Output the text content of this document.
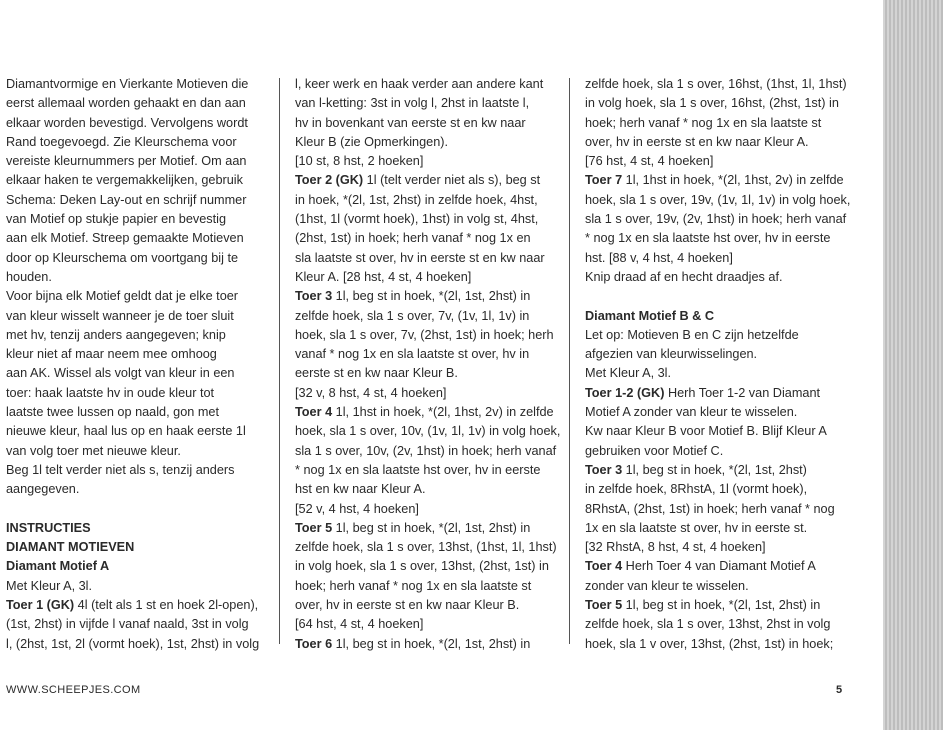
Diamantvormige en Vierkante Motieven die
eerst allemaal worden gehaakt en dan aan
elkaar worden bevestigd. Vervolgens wordt
Rand toegevoegd. Zie Kleurschema voor
vereiste kleurnummers per Motief. Om aan
elkaar haken te vergemakkelijken, gebruik
Schema: Deken Lay-out en schrijf nummer
van Motief op stukje papier en bevestig
aan elk Motief. Streep gemaakte Motieven
door op Kleurschema om voortgang bij te
houden.
Voor bijna elk Motief geldt dat je elke toer
van kleur wisselt wanneer je de toer sluit
met hv, tenzij anders aangegeven; knip
kleur niet af maar neem mee omhoog
aan AK. Wissel als volgt van kleur in een
toer: haak laatste hv in oude kleur tot
laatste twee lussen op naald, gon met
nieuwe kleur, haal lus op en haak eerste 1l
van volg toer met nieuwe kleur.
Beg 1l telt verder niet als s, tenzij anders
aangegeven.
INSTRUCTIES
DIAMANT MOTIEVEN
Diamant Motief A
Met Kleur A, 3l.
Toer 1 (GK) 4l (telt als 1 st en hoek 2l-open),
(1st, 2hst) in vijfde l vanaf naald, 3st in volg
l, (2hst, 1st, 2l (vormt hoek), 1st, 2hst) in volg
l, keer werk en haak verder aan andere kant
van l-ketting: 3st in volg l, 2hst in laatste l,
hv in bovenkant van eerste st en kw naar
Kleur B (zie Opmerkingen).
[10 st, 8 hst, 2 hoeken]
Toer 2 (GK) 1l (telt verder niet als s), beg st
in hoek, *(2l, 1st, 2hst) in zelfde hoek, 4hst,
(1hst, 1l (vormt hoek), 1hst) in volg st, 4hst,
(2hst, 1st) in hoek; herh vanaf * nog 1x en
sla laatste st over, hv in eerste st en kw naar
Kleur A. [28 hst, 4 st, 4 hoeken]
Toer 3 1l, beg st in hoek, *(2l, 1st, 2hst) in
zelfde hoek, sla 1 s over, 7v, (1v, 1l, 1v) in
hoek, sla 1 s over, 7v, (2hst, 1st) in hoek; herh
vanaf * nog 1x en sla laatste st over, hv in
eerste st en kw naar Kleur B.
[32 v, 8 hst, 4 st, 4 hoeken]
Toer 4 1l, 1hst in hoek, *(2l, 1hst, 2v) in zelfde
hoek, sla 1 s over, 10v, (1v, 1l, 1v) in volg hoek,
sla 1 s over, 10v, (2v, 1hst) in hoek; herh vanaf
* nog 1x en sla laatste hst over, hv in eerste
hst en kw naar Kleur A.
[52 v, 4 hst, 4 hoeken]
Toer 5 1l, beg st in hoek, *(2l, 1st, 2hst) in
zelfde hoek, sla 1 s over, 13hst, (1hst, 1l, 1hst)
in volg hoek, sla 1 s over, 13hst, (2hst, 1st) in
hoek; herh vanaf * nog 1x en sla laatste st
over, hv in eerste st en kw naar Kleur B.
[64 hst, 4 st, 4 hoeken]
Toer 6 1l, beg st in hoek, *(2l, 1st, 2hst) in
zelfde hoek, sla 1 s over, 16hst, (1hst, 1l, 1hst)
in volg hoek, sla 1 s over, 16hst, (2hst, 1st) in
hoek; herh vanaf * nog 1x en sla laatste st
over, hv in eerste st en kw naar Kleur A.
[76 hst, 4 st, 4 hoeken]
Toer 7 1l, 1hst in hoek, *(2l, 1hst, 2v) in zelfde
hoek, sla 1 s over, 19v, (1v, 1l, 1v) in volg hoek,
sla 1 s over, 19v, (2v, 1hst) in hoek; herh vanaf
* nog 1x en sla laatste hst over, hv in eerste
hst. [88 v, 4 hst, 4 hoeken]
Knip draad af en hecht draadjes af.
Diamant Motief B & C
Let op: Motieven B en C zijn hetzelfde
afgezien van kleurwisselingen.
Met Kleur A, 3l.
Toer 1-2 (GK) Herh Toer 1-2 van Diamant
Motief A zonder van kleur te wisselen.
Kw naar Kleur B voor Motief B. Blijf Kleur A
gebruiken voor Motief C.
Toer 3 1l, beg st in hoek, *(2l, 1st, 2hst)
in zelfde hoek, 8RhstA, 1l (vormt hoek),
8RhstA, (2hst, 1st) in hoek; herh vanaf * nog
1x en sla laatste st over, hv in eerste st.
[32 RhstA, 8 hst, 4 st, 4 hoeken]
Toer 4 Herh Toer 4 van Diamant Motief A
zonder van kleur te wisselen.
Toer 5 1l, beg st in hoek, *(2l, 1st, 2hst) in
zelfde hoek, sla 1 s over, 13hst, 2hst in volg
hoek, sla 1 v over, 13hst, (2hst, 1st) in hoek;
WWW.SCHEEPJES.COM	5
